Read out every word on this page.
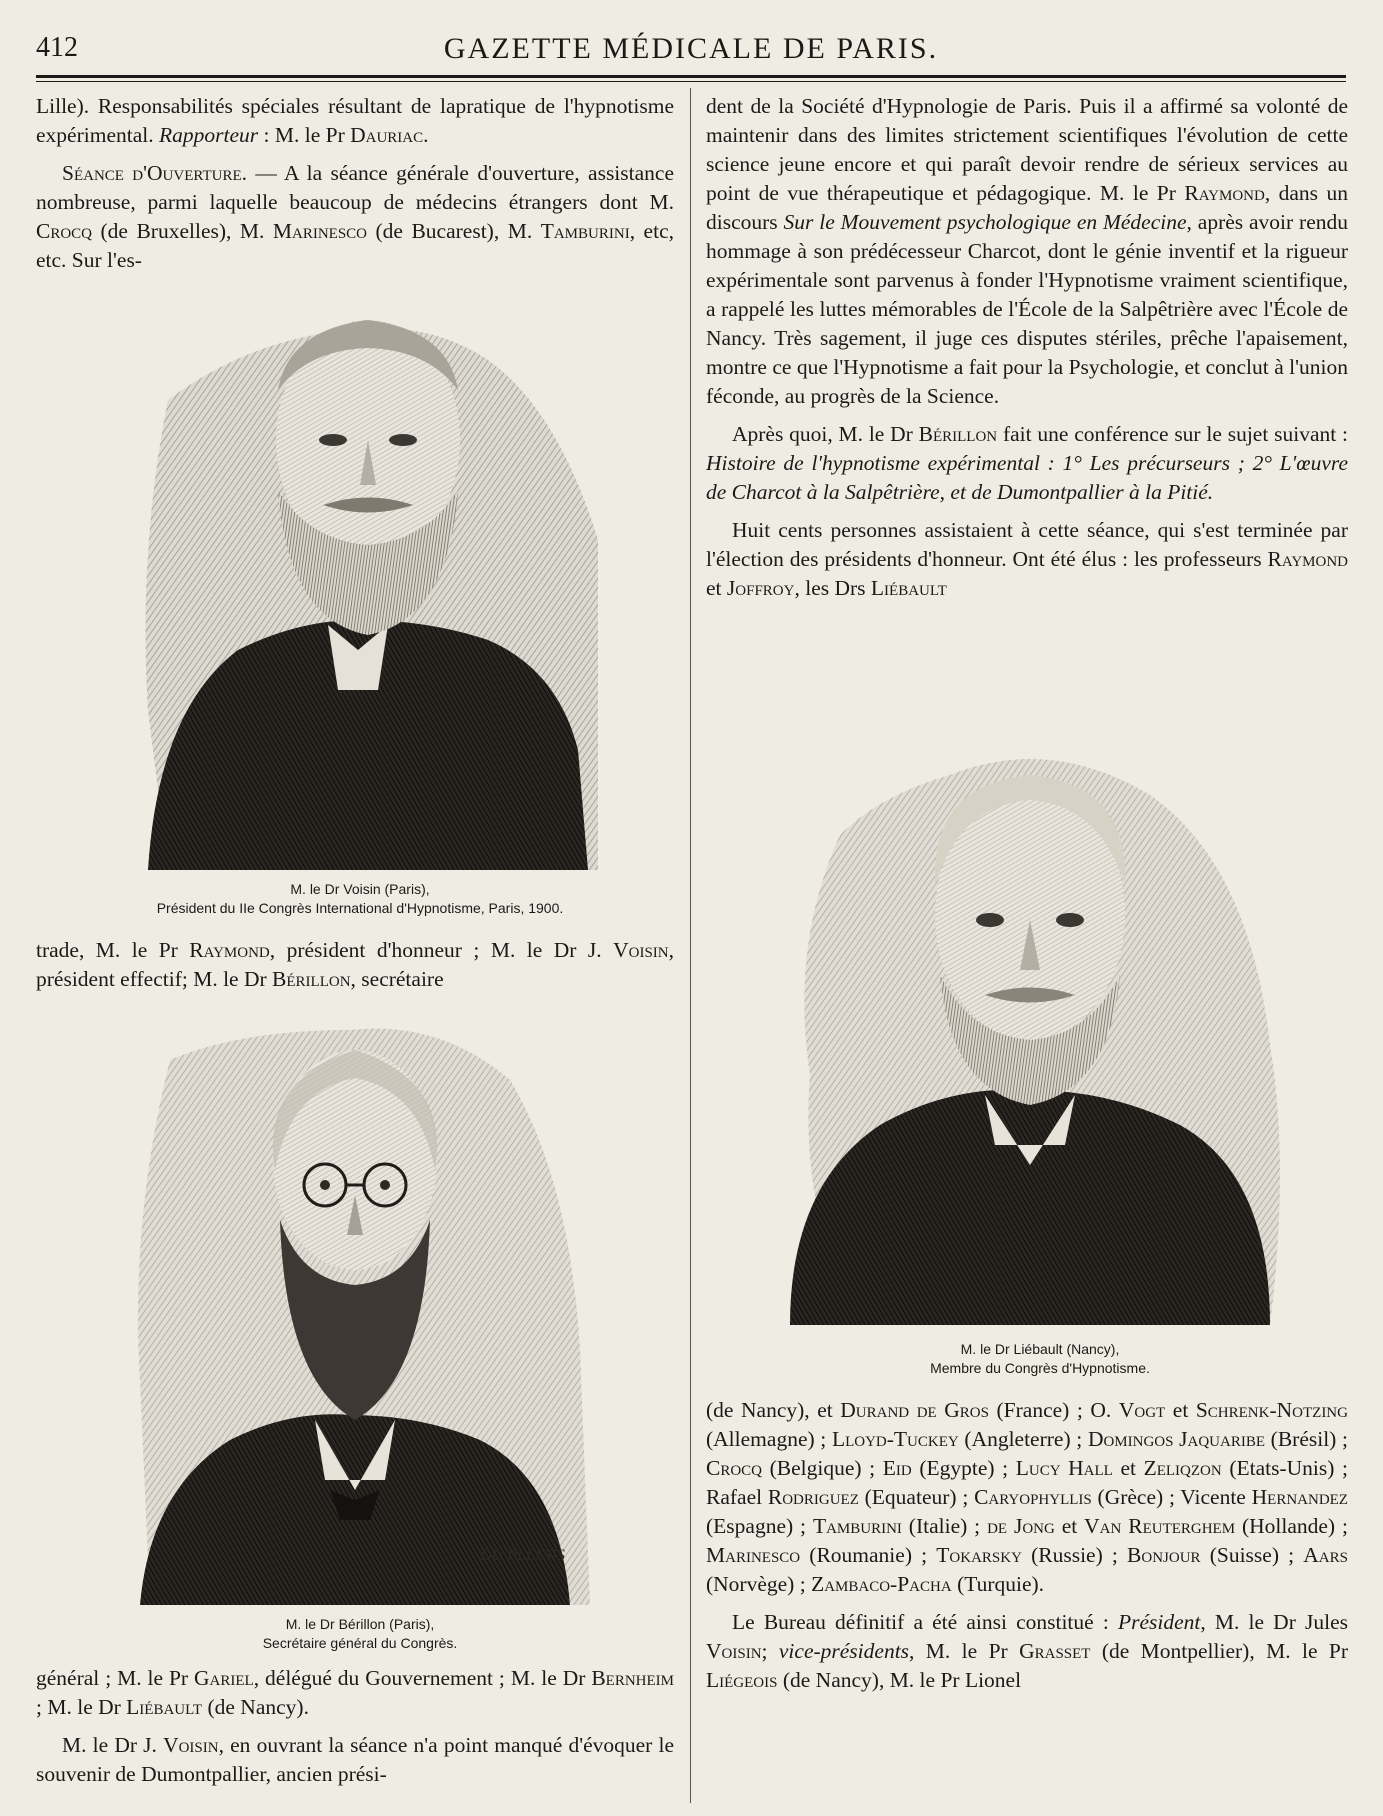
412	GAZETTE MÉDICALE DE PARIS.

Lille). Responsabilités spéciales résultant de lapratique de l'hypnotisme expérimental. Rapporteur : M. le Pr Dauriac.

Séance d'Ouverture. — A la séance générale d'ouverture, assistance nombreuse, parmi laquelle beaucoup de médecins étrangers dont M. Crocq (de Bruxelles), M. Marinesco (de Bucarest), M. Tamburini, etc, etc. Sur l'es-

M. le Dr Voisin (Paris),
Président du IIe Congrès International d'Hypnotisme, Paris, 1900.

trade, M. le Pr Raymond, président d'honneur ; M. le Dr J. Voisin, président effectif; M. le Dr Bérillon, secrétaire

DU PLESSIS
M. le Dr Bérillon (Paris),
Secrétaire général du Congrès.

général ; M. le Pr Gariel, délégué du Gouvernement ; M. le Dr Bernheim ; M. le Dr Liébault (de Nancy).

M. le Dr J. Voisin, en ouvrant la séance n'a point manqué d'évoquer le souvenir de Dumontpallier, ancien prési-

dent de la Société d'Hypnologie de Paris. Puis il a affirmé sa volonté de maintenir dans des limites strictement scientifiques l'évolution de cette science jeune encore et qui paraît devoir rendre de sérieux services au point de vue thérapeutique et pédagogique. M. le Pr Raymond, dans un discours Sur le Mouvement psychologique en Médecine, après avoir rendu hommage à son prédécesseur Charcot, dont le génie inventif et la rigueur expérimentale sont parvenus à fonder l'Hypnotisme vraiment scientifique, a rappelé les luttes mémorables de l'École de la Salpêtrière avec l'École de Nancy. Très sagement, il juge ces disputes stériles, prêche l'apaisement, montre ce que l'Hypnotisme a fait pour la Psychologie, et conclut à l'union féconde, au progrès de la Science.

Après quoi, M. le Dr Bérillon fait une conférence sur le sujet suivant : Histoire de l'hypnotisme expérimental : 1° Les précurseurs ; 2° L'œuvre de Charcot à la Salpêtrière, et de Dumontpallier à la Pitié.

Huit cents personnes assistaient à cette séance, qui s'est terminée par l'élection des présidents d'honneur. Ont été élus : les professeurs Raymond et Joffroy, les Drs Liébault

M. le Dr Liébault (Nancy),
Membre du Congrès d'Hypnotisme.

(de Nancy), et Durand de Gros (France) ; O. Vogt et Schrenk-Notzing (Allemagne) ; Lloyd-Tuckey (Angleterre) ; Domingos Jaquaribe (Brésil) ; Crocq (Belgique) ; Eid (Egypte) ; Lucy Hall et Zeliqzon (Etats-Unis) ; Rafael Rodriguez (Equateur) ; Caryophyllis (Grèce) ; Vicente Hernandez (Espagne) ; Tamburini (Italie) ; de Jong et Van Reuterghem (Hollande) ; Marinesco (Roumanie) ; Tokarsky (Russie) ; Bonjour (Suisse) ; Aars (Norvège) ; Zambaco-Pacha (Turquie).

Le Bureau définitif a été ainsi constitué : Président, M. le Dr Jules Voisin; vice-présidents, M. le Pr Grasset (de Montpellier), M. le Pr Liégeois (de Nancy), M. le Pr Lionel
